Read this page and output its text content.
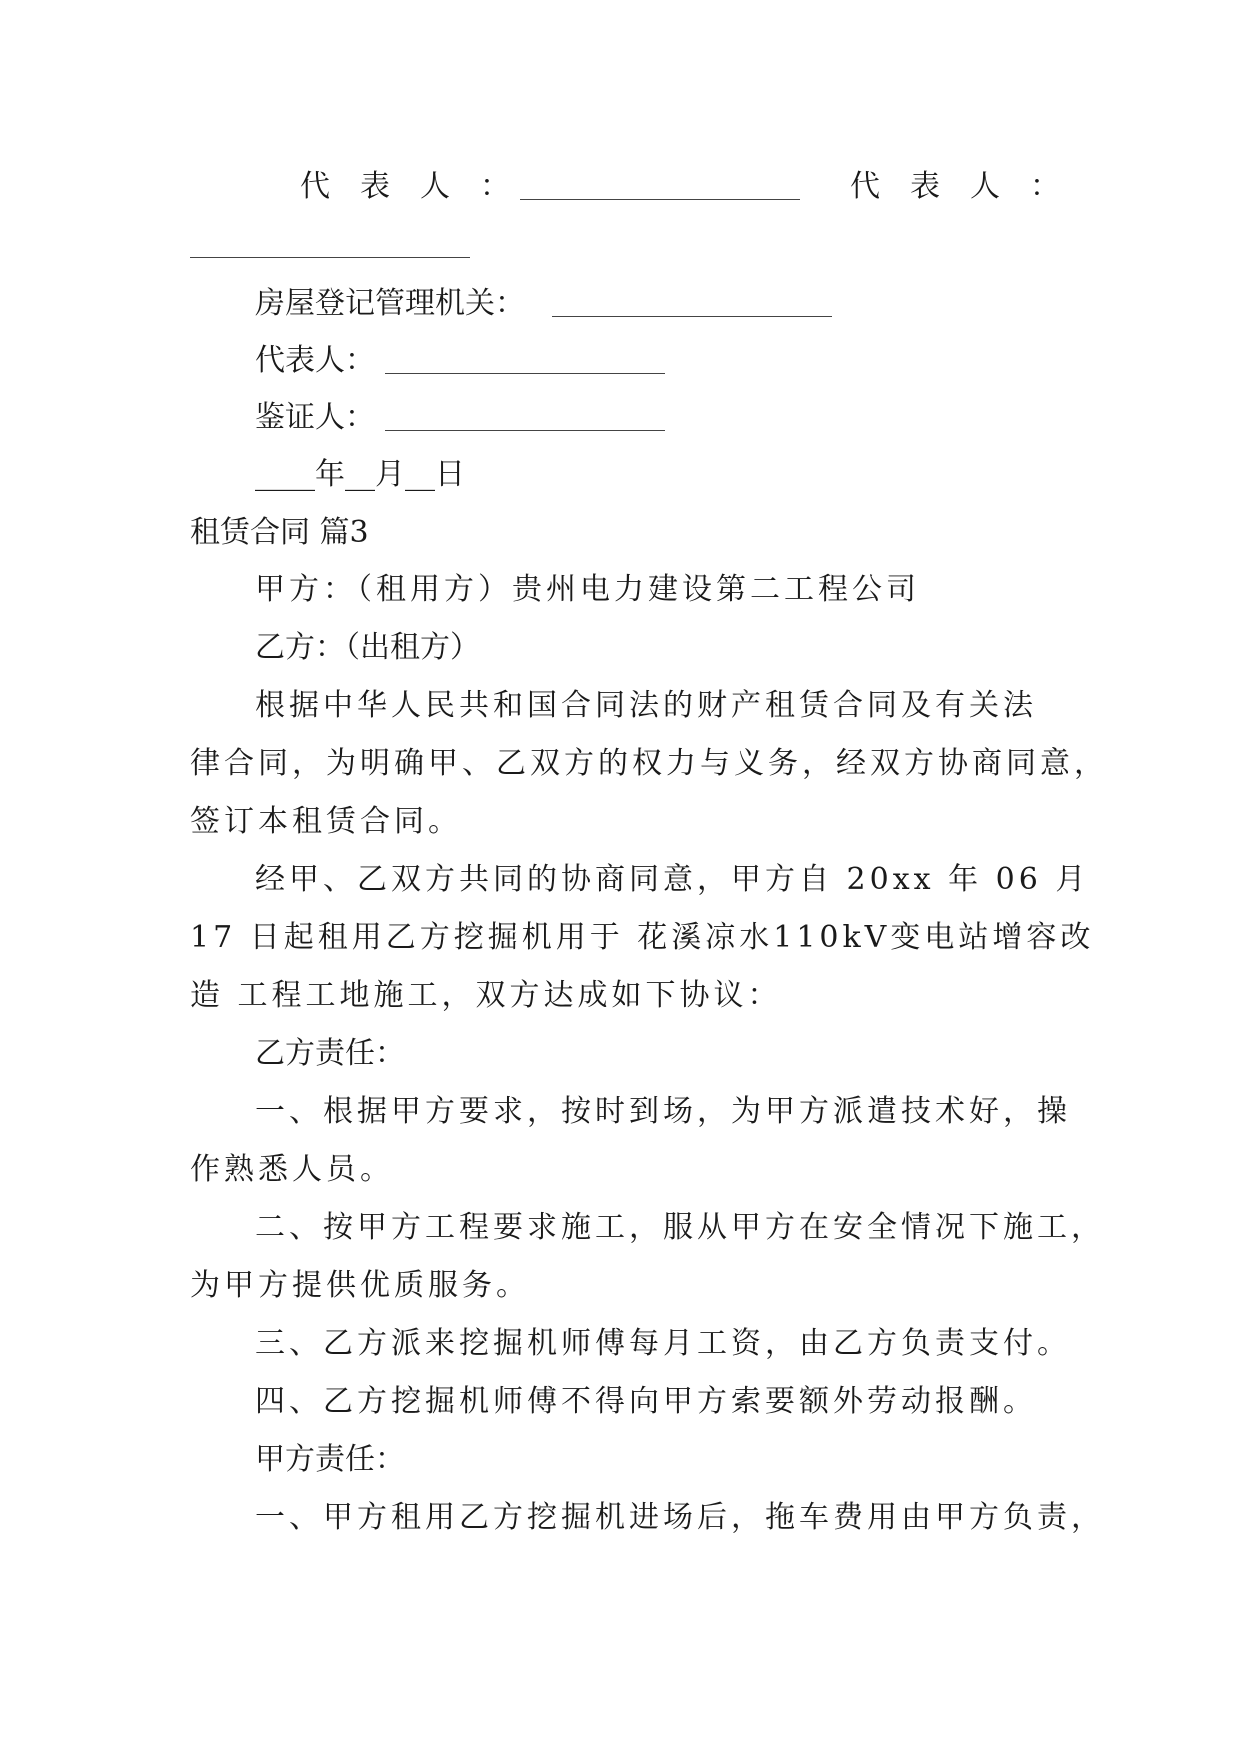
代表人：	代表人：
房屋登记管理机关：
代表人：
鉴证人：
____年__月__日
租赁合同 篇3
甲方：（租用方）贵州电力建设第二工程公司
乙方：（出租方）
根据中华人民共和国合同法的财产租赁合同及有关法
律合同，为明确甲、乙双方的权力与义务，经双方协商同意，
签订本租赁合同。
经甲、乙双方共同的协商同意，甲方自 20xx 年 06 月
17 日起租用乙方挖掘机用于 花溪凉水110kV变电站增容改
造 工程工地施工，双方达成如下协议：
乙方责任：
一、根据甲方要求，按时到场，为甲方派遣技术好，操
作熟悉人员。
二、按甲方工程要求施工，服从甲方在安全情况下施工，
为甲方提供优质服务。
三、乙方派来挖掘机师傅每月工资，由乙方负责支付。
四、乙方挖掘机师傅不得向甲方索要额外劳动报酬。
甲方责任：
一、甲方租用乙方挖掘机进场后，拖车费用由甲方负责，
